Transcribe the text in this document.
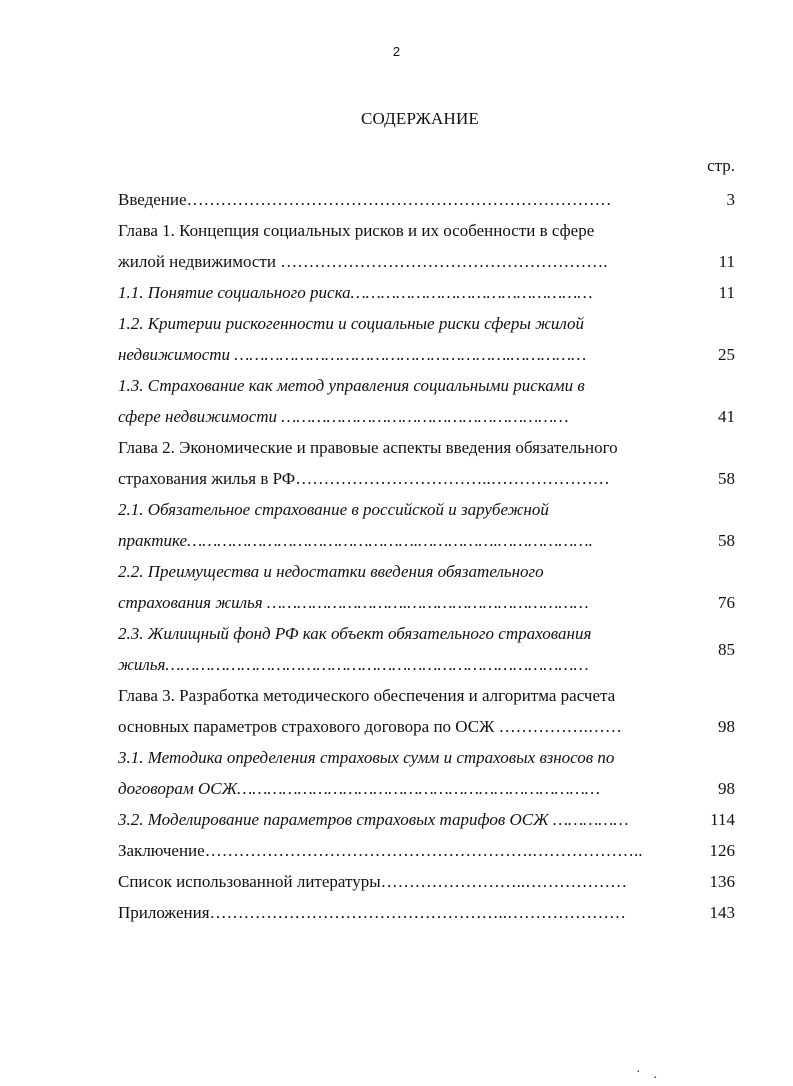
2
СОДЕРЖАНИЕ
стр.
Введение…………………………………………………………………
Глава 1. Концепция социальных рисков и их особенности в сфере
жилой недвижимости ………………………………………………….
1.1. Понятие социального риска…………………………………………
1.2. Критерии рискогенности и социальные риски сферы жилой
недвижимости ……………………………………………….……………
1.3. Страхование как метод управления социальными рисками в
сфере недвижимости …………………………………………………
Глава 2. Экономические и правовые аспекты введения обязательного
страхования жилья в РФ……………………………..…………………
2.1. Обязательное страхование в российской и зарубежной
практике……………………………………….…………….……………….
2.2. Преимущества и недостатки введения обязательного
страхования жилья ……………………….………………………………
2.3. Жилищный фонд РФ как объект обязательного страхования
жилья…………………………………………………………………………
Глава 3. Разработка методического обеспечения и алгоритма расчета
основных параметров страхового договора по ОСЖ …………….……
3.1. Методика определения страховых сумм и страховых взносов по
договорам ОСЖ………………………………………………………………
3.2. Моделирование параметров страховых тарифов ОСЖ ……………
Заключение………………………………………………….………………..
Список использованной литературы……………………..………………
Приложения……………………………………………..…………………
3
11
11
25
41
58
58
76
85
98
98
114
126
136
143
· ·
